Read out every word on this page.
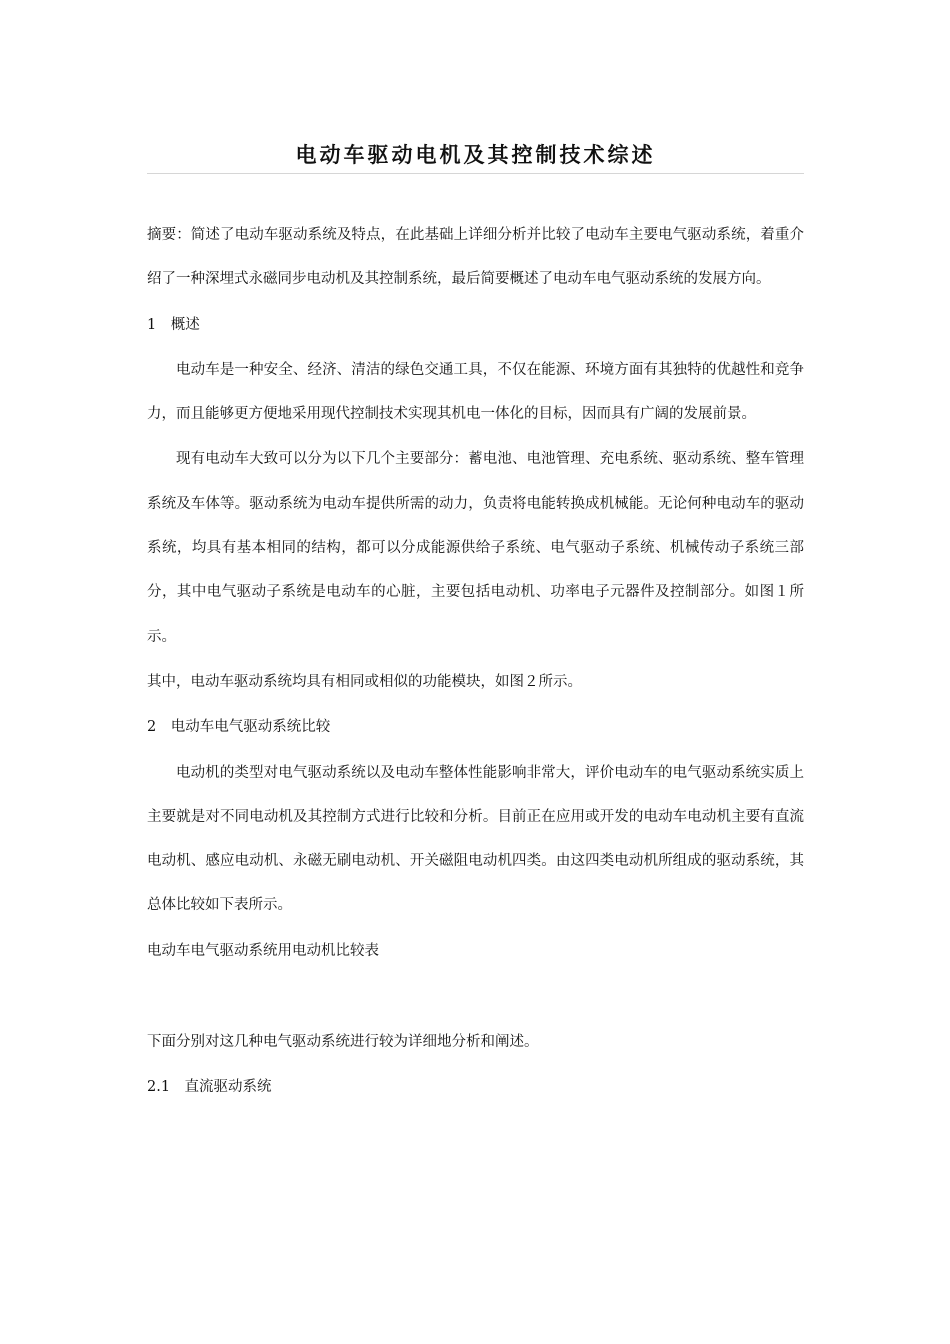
电动车驱动电机及其控制技术综述

摘要：简述了电动车驱动系统及特点，在此基础上详细分析并比较了电动车主要电气驱动系统，着重介绍了一种深埋式永磁同步电动机及其控制系统，最后简要概述了电动车电气驱动系统的发展方向。

1　概述

电动车是一种安全、经济、清洁的绿色交通工具，不仅在能源、环境方面有其独特的优越性和竞争力，而且能够更方便地采用现代控制技术实现其机电一体化的目标，因而具有广阔的发展前景。

现有电动车大致可以分为以下几个主要部分：蓄电池、电池管理、充电系统、驱动系统、整车管理系统及车体等。驱动系统为电动车提供所需的动力，负责将电能转换成机械能。无论何种电动车的驱动系统，均具有基本相同的结构，都可以分成能源供给子系统、电气驱动子系统、机械传动子系统三部分，其中电气驱动子系统是电动车的心脏，主要包括电动机、功率电子元器件及控制部分。如图１所示。

其中，电动车驱动系统均具有相同或相似的功能模块，如图２所示。

2　电动车电气驱动系统比较

电动机的类型对电气驱动系统以及电动车整体性能影响非常大，评价电动车的电气驱动系统实质上主要就是对不同电动机及其控制方式进行比较和分析。目前正在应用或开发的电动车电动机主要有直流电动机、感应电动机、永磁无刷电动机、开关磁阻电动机四类。由这四类电动机所组成的驱动系统，其总体比较如下表所示。

电动车电气驱动系统用电动机比较表

下面分别对这几种电气驱动系统进行较为详细地分析和阐述。

2.1　直流驱动系统
